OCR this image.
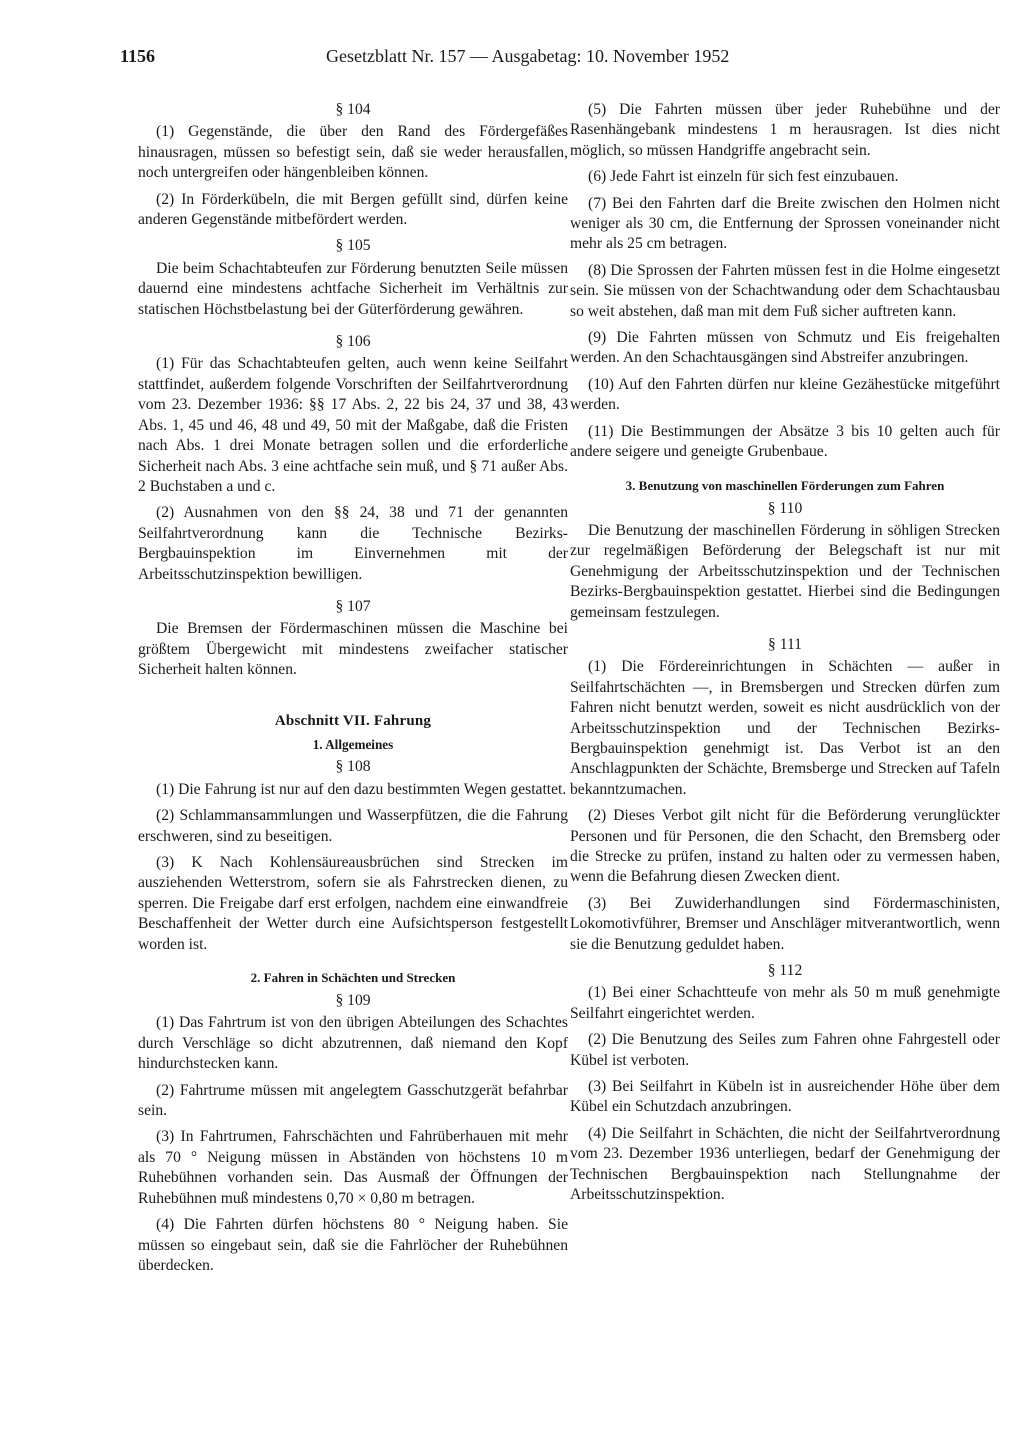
1156	Gesetzblatt Nr. 157 — Ausgabetag: 10. November 1952
§ 104
(1) Gegenstände, die über den Rand des Fördergefäßes hinausragen, müssen so befestigt sein, daß sie weder herausfallen, noch untergreifen oder hängenbleiben können.
(2) In Förderkübeln, die mit Bergen gefüllt sind, dürfen keine anderen Gegenstände mitbefördert werden.
§ 105
Die beim Schachtabteufen zur Förderung benutzten Seile müssen dauernd eine mindestens achtfache Sicherheit im Verhältnis zur statischen Höchstbelastung bei der Güterförderung gewähren.
§ 106
(1) Für das Schachtabteufen gelten, auch wenn keine Seilfahrt stattfindet, außerdem folgende Vorschriften der Seilfahrtverordnung vom 23. Dezember 1936: §§ 17 Abs. 2, 22 bis 24, 37 und 38, 43 Abs. 1, 45 und 46, 48 und 49, 50 mit der Maßgabe, daß die Fristen nach Abs. 1 drei Monate betragen sollen und die erforderliche Sicherheit nach Abs. 3 eine achtfache sein muß, und § 71 außer Abs. 2 Buchstaben a und c.
(2) Ausnahmen von den §§ 24, 38 und 71 der genannten Seilfahrtverordnung kann die Technische Bezirks-Bergbauinspektion im Einvernehmen mit der Arbeitsschutzinspektion bewilligen.
§ 107
Die Bremsen der Fördermaschinen müssen die Maschine bei größtem Übergewicht mit mindestens zweifacher statischer Sicherheit halten können.
Abschnitt VII. Fahrung
1. Allgemeines
§ 108
(1) Die Fahrung ist nur auf den dazu bestimmten Wegen gestattet.
(2) Schlammansammlungen und Wasserpfützen, die die Fahrung erschweren, sind zu beseitigen.
(3) K Nach Kohlensäureausbrüchen sind Strecken im ausziehenden Wetterstrom, sofern sie als Fahrstrecken dienen, zu sperren. Die Freigabe darf erst erfolgen, nachdem eine einwandfreie Beschaffenheit der Wetter durch eine Aufsichtsperson festgestellt worden ist.
2. Fahren in Schächten und Strecken
§ 109
(1) Das Fahrtrum ist von den übrigen Abteilungen des Schachtes durch Verschläge so dicht abzutrennen, daß niemand den Kopf hindurchstecken kann.
(2) Fahrtrume müssen mit angelegtem Gasschutzgerät befahrbar sein.
(3) In Fahrtrumen, Fahrschächten und Fahrüberhauen mit mehr als 70 ° Neigung müssen in Abständen von höchstens 10 m Ruhebühnen vorhanden sein. Das Ausmaß der Öffnungen der Ruhebühnen muß mindestens 0,70 × 0,80 m betragen.
(4) Die Fahrten dürfen höchstens 80 ° Neigung haben. Sie müssen so eingebaut sein, daß sie die Fahrlöcher der Ruhebühnen überdecken.
(5) Die Fahrten müssen über jeder Ruhebühne und der Rasenhängebank mindestens 1 m herausragen. Ist dies nicht möglich, so müssen Handgriffe angebracht sein.
(6) Jede Fahrt ist einzeln für sich fest einzubauen.
(7) Bei den Fahrten darf die Breite zwischen den Holmen nicht weniger als 30 cm, die Entfernung der Sprossen voneinander nicht mehr als 25 cm betragen.
(8) Die Sprossen der Fahrten müssen fest in die Holme eingesetzt sein. Sie müssen von der Schachtwandung oder dem Schachtausbau so weit abstehen, daß man mit dem Fuß sicher auftreten kann.
(9) Die Fahrten müssen von Schmutz und Eis freigehalten werden. An den Schachtausgängen sind Abstreifer anzubringen.
(10) Auf den Fahrten dürfen nur kleine Gezähestücke mitgeführt werden.
(11) Die Bestimmungen der Absätze 3 bis 10 gelten auch für andere seigere und geneigte Grubenbaue.
3. Benutzung von maschinellen Förderungen zum Fahren
§ 110
Die Benutzung der maschinellen Förderung in söhligen Strecken zur regelmäßigen Beförderung der Belegschaft ist nur mit Genehmigung der Arbeitsschutzinspektion und der Technischen Bezirks-Bergbauinspektion gestattet. Hierbei sind die Bedingungen gemeinsam festzulegen.
§ 111
(1) Die Fördereinrichtungen in Schächten — außer in Seilfahrtschächten —, in Bremsbergen und Strecken dürfen zum Fahren nicht benutzt werden, soweit es nicht ausdrücklich von der Arbeitsschutzinspektion und der Technischen Bezirks-Bergbauinspektion genehmigt ist. Das Verbot ist an den Anschlagpunkten der Schächte, Bremsberge und Strecken auf Tafeln bekanntzumachen.
(2) Dieses Verbot gilt nicht für die Beförderung verunglückter Personen und für Personen, die den Schacht, den Bremsberg oder die Strecke zu prüfen, instand zu halten oder zu vermessen haben, wenn die Befahrung diesen Zwecken dient.
(3) Bei Zuwiderhandlungen sind Fördermaschinisten, Lokomotivführer, Bremser und Anschläger mitverantwortlich, wenn sie die Benutzung geduldet haben.
§ 112
(1) Bei einer Schachtteufe von mehr als 50 m muß genehmigte Seilfahrt eingerichtet werden.
(2) Die Benutzung des Seiles zum Fahren ohne Fahrgestell oder Kübel ist verboten.
(3) Bei Seilfahrt in Kübeln ist in ausreichender Höhe über dem Kübel ein Schutzdach anzubringen.
(4) Die Seilfahrt in Schächten, die nicht der Seilfahrtverordnung vom 23. Dezember 1936 unterliegen, bedarf der Genehmigung der Technischen Bergbauinspektion nach Stellungnahme der Arbeitsschutzinspektion.
